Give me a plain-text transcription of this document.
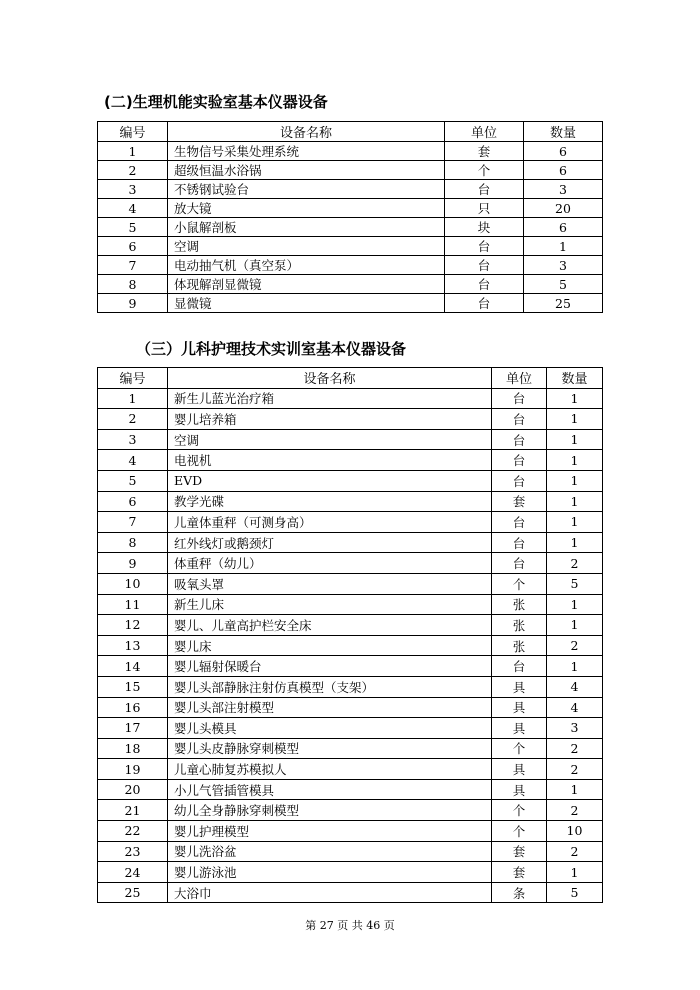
(二)生理机能实验室基本仪器设备
编号	设备名称	单位	数量
1	生物信号采集处理系统	套	6
2	超级恒温水浴锅	个	6
3	不锈钢试验台	台	3
4	放大镜	只	20
5	小鼠解剖板	块	6
6	空调	台	1
7	电动抽气机（真空泵）	台	3
8	体现解剖显微镜	台	5
9	显微镜	台	25
（三）儿科护理技术实训室基本仪器设备
编号	设备名称	单位	数量
1	新生儿蓝光治疗箱	台	1
2	婴儿培养箱	台	1
3	空调	台	1
4	电视机	台	1
5	EVD	台	1
6	教学光碟	套	1
7	儿童体重秤（可测身高）	台	1
8	红外线灯或鹅颈灯	台	1
9	体重秤（幼儿）	台	2
10	吸氧头罩	个	5
11	新生儿床	张	1
12	婴儿、儿童高护栏安全床	张	1
13	婴儿床	张	2
14	婴儿辐射保暖台	台	1
15	婴儿头部静脉注射仿真模型（支架）	具	4
16	婴儿头部注射模型	具	4
17	婴儿头模具	具	3
18	婴儿头皮静脉穿刺模型	个	2
19	儿童心肺复苏模拟人	具	2
20	小儿气管插管模具	具	1
21	幼儿全身静脉穿刺模型	个	2
22	婴儿护理模型	个	10
23	婴儿洗浴盆	套	2
24	婴儿游泳池	套	1
25	大浴巾	条	5
第 27 页 共 46 页
